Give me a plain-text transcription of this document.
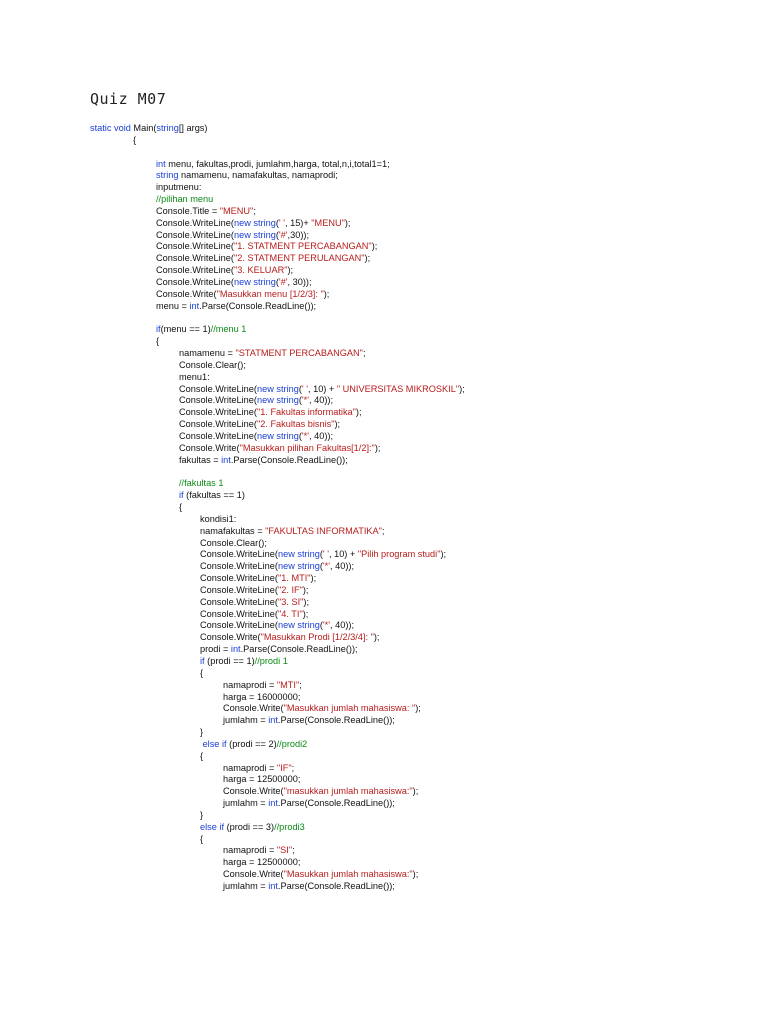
Quiz M07
static void Main(string[] args)
{
int menu, fakultas,prodi, jumlahm,harga, total,n,i,total1=1;
string namamenu, namafakultas, namaprodi;
inputmenu:
//pilihan menu
Console.Title = "MENU";
Console.WriteLine(new string(' ', 15)+ "MENU");
Console.WriteLine(new string('#',30));
Console.WriteLine("1. STATMENT PERCABANGAN");
Console.WriteLine("2. STATMENT PERULANGAN");
Console.WriteLine("3. KELUAR");
Console.WriteLine(new string('#', 30));
Console.Write("Masukkan menu [1/2/3]: ");
menu = int.Parse(Console.ReadLine());
if(menu == 1)//menu 1
{
namamenu = "STATMENT PERCABANGAN";
Console.Clear();
menu1:
Console.WriteLine(new string(' ', 10) + " UNIVERSITAS MIKROSKIL");
Console.WriteLine(new string('*', 40));
Console.WriteLine("1. Fakultas informatika");
Console.WriteLine("2. Fakultas bisnis");
Console.WriteLine(new string('*', 40));
Console.Write("Masukkan pilihan Fakultas[1/2]:");
fakultas = int.Parse(Console.ReadLine());
//fakultas 1
if (fakultas == 1)
{
kondisi1:
namafakultas = "FAKULTAS INFORMATIKA";
Console.Clear();
Console.WriteLine(new string(' ', 10) + "Pilih program studi");
Console.WriteLine(new string('*', 40));
Console.WriteLine("1. MTI");
Console.WriteLine("2. IF");
Console.WriteLine("3. SI");
Console.WriteLine("4. TI");
Console.WriteLine(new string('*', 40));
Console.Write("Masukkan Prodi [1/2/3/4]: ");
prodi = int.Parse(Console.ReadLine());
if (prodi == 1)//prodi 1
{
namaprodi = "MTI";
harga = 16000000;
Console.Write("Masukkan jumlah mahasiswa: ");
jumlahm = int.Parse(Console.ReadLine());
}
else if (prodi == 2)//prodi2
{
namaprodi = "IF";
harga = 12500000;
Console.Write("masukkan jumlah mahasiswa:");
jumlahm = int.Parse(Console.ReadLine());
}
else if (prodi == 3)//prodi3
{
namaprodi = "SI";
harga = 12500000;
Console.Write("Masukkan jumlah mahasiswa:");
jumlahm = int.Parse(Console.ReadLine());
